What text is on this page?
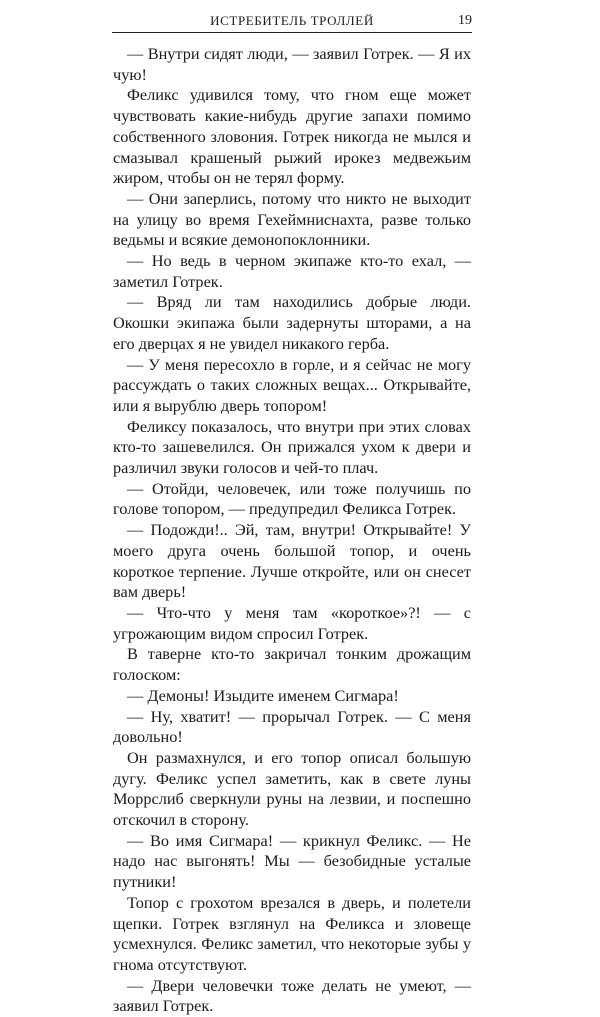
ИСТРЕБИТЕЛЬ ТРОЛЛЕЙ	19

— Внутри сидят люди, — заявил Готрек. — Я их чую!

Феликс удивился тому, что гном еще может чувствовать какие-нибудь другие запахи помимо собственного зловония. Готрек никогда не мылся и смазывал крашеный рыжий ирокез медвежьим жиром, чтобы он не терял форму.

— Они заперлись, потому что никто не выходит на улицу во время Гехеймниснахта, разве только ведьмы и всякие демонопоклонники.

— Но ведь в черном экипаже кто-то ехал, — заметил Готрек.

— Вряд ли там находились добрые люди. Окошки экипажа были задернуты шторами, а на его дверцах я не увидел никакого герба.

— У меня пересохло в горле, и я сейчас не могу рассуждать о таких сложных вещах... Открывайте, или я вырублю дверь топором!

Феликсу показалось, что внутри при этих словах кто-то зашевелился. Он прижался ухом к двери и различил звуки голосов и чей-то плач.

— Отойди, человечек, или тоже получишь по голове топором, — предупредил Феликса Готрек.

— Подожди!.. Эй, там, внутри! Открывайте! У моего друга очень большой топор, и очень короткое терпение. Лучше откройте, или он снесет вам дверь!

— Что-что у меня там «короткое»?! — с угрожающим видом спросил Готрек.

В таверне кто-то закричал тонким дрожащим голоском:

— Демоны! Изыдите именем Сигмара!

— Ну, хватит! — прорычал Готрек. — С меня довольно!

Он размахнулся, и его топор описал большую дугу. Феликс успел заметить, как в свете луны Моррслиб сверкнули руны на лезвии, и поспешно отскочил в сторону.

— Во имя Сигмара! — крикнул Феликс. — Не надо нас выгонять! Мы — безобидные усталые путники!

Топор с грохотом врезался в дверь, и полетели щепки. Готрек взглянул на Феликса и зловеще усмехнулся. Феликс заметил, что некоторые зубы у гнома отсутствуют.

— Двери человечки тоже делать не умеют, — заявил Готрек.
